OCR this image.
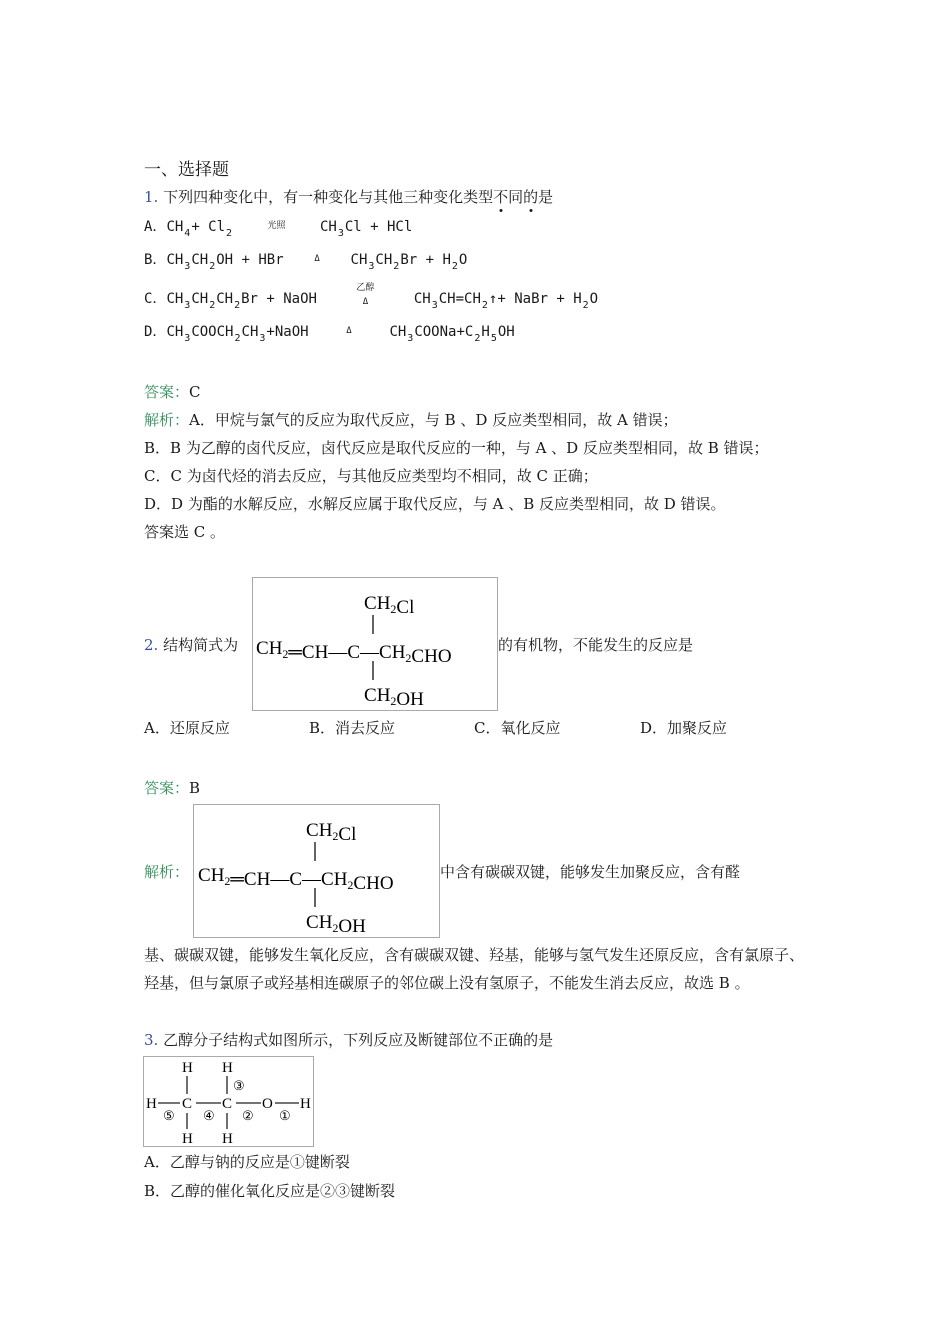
一、选择题
1. 下列四种变化中，有一种变化与其他三种变化类型不同的是
A．$CH_4+ Cl_2$ 光照 $CH_3Cl$ + HCl
B．$CH_3CH_2OH$ + HBr	Δ $CH_3CH_2Br + H_2O$
C．$CH_3CH_2CH_2Br$ + NaOH
乙醇
Δ	$CH_3CH=CH_2↑+$ NaBr + $H_2O$
D．$CH_3COOCH_2CH_3+NaOH$	Δ	$CH_3COONa+C_2H_5OH$
答案：C
解析：A．甲烷与氯气的反应为取代反应，与 B 、D 反应类型相同，故 A 错误；
B．B 为乙醇的卤代反应，卤代反应是取代反应的一种，与 A 、D 反应类型相同，故 B 错误；
C．C 为卤代烃的消去反应，与其他反应类型均不相同，故 C 正确；
D．D 为酯的水解反应，水解反应属于取代反应，与 A 、B 反应类型相同，故 D 错误。
答案选 C 。
2. 结构简式为
$CH_2Cl$
$CH_2═CH—C—CH_2CHO$
$CH_2OH$
的有机物，不能发生的反应是
A．还原反应	B．消去反应	C．氧化反应	D．加聚反应
答案：B
解析：
$CH_2Cl$
$CH_2═CH—C—CH_2CHO$
$CH_2OH$
中含有碳碳双键，能够发生加聚反应，含有醛
基、碳碳双键，能够发生氧化反应，含有碳碳双键、羟基，能够与氢气发生还原反应，含有氯原子、羟基，但与氯原子或羟基相连碳原子的邻位碳上没有氢原子，不能发生消去反应，故选 B 。
3. 乙醇分子结构式如图所示，下列反应及断键部位不正确的是
H H
③
H
⑤
C
④
C
②
O
①
H
H H
A．乙醇与钠的反应是①键断裂
B．乙醇的催化氧化反应是②③键断裂
